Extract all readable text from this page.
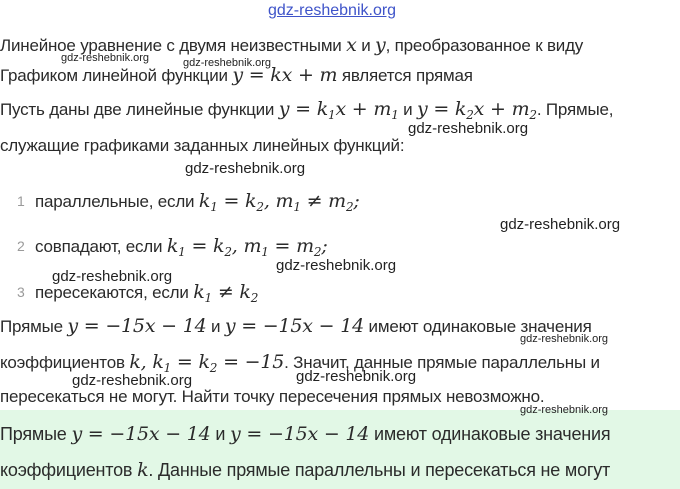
gdz-reshebnik.org
Линейное уравнение с двумя неизвестными x и y, преобразованное к виду
Графиком линейной функции y = kx + m является прямая
gdz-reshebnik.org	gdz-reshebnik.org
Пусть даны две линейные функции $y = k_1x + m_1$ и $y = k_2x + m_2$. Прямые,
gdz-reshebnik.org
служащие графиками заданных линейных функций:
gdz-reshebnik.org
1 параллельные, если $k_1 = k_2$, $m_1 \ne m_2$;
gdz-reshebnik.org
2 совпадают, если $k_1 = k_2$, $m_1 = m_2$;
gdz-reshebnik.org
gdz-reshebnik.org
3 пересекаются, если $k_1 \ne k_2$
Прямые y = −15x − 14 и y = −15x − 14 имеют одинаковые значения
gdz-reshebnik.org
коэффициентов k, $k_1 = k_2 = -15$. Значит, данные прямые параллельны и
gdz-reshebnik.org	gdz-reshebnik.org
пересекаться не могут. Найти точку пересечения прямых невозможно.
gdz-reshebnik.org
Прямые y = −15x − 14 и y = −15x − 14 имеют одинаковые значения
коэффициентов k. Данные прямые параллельны и пересекаться не могут
